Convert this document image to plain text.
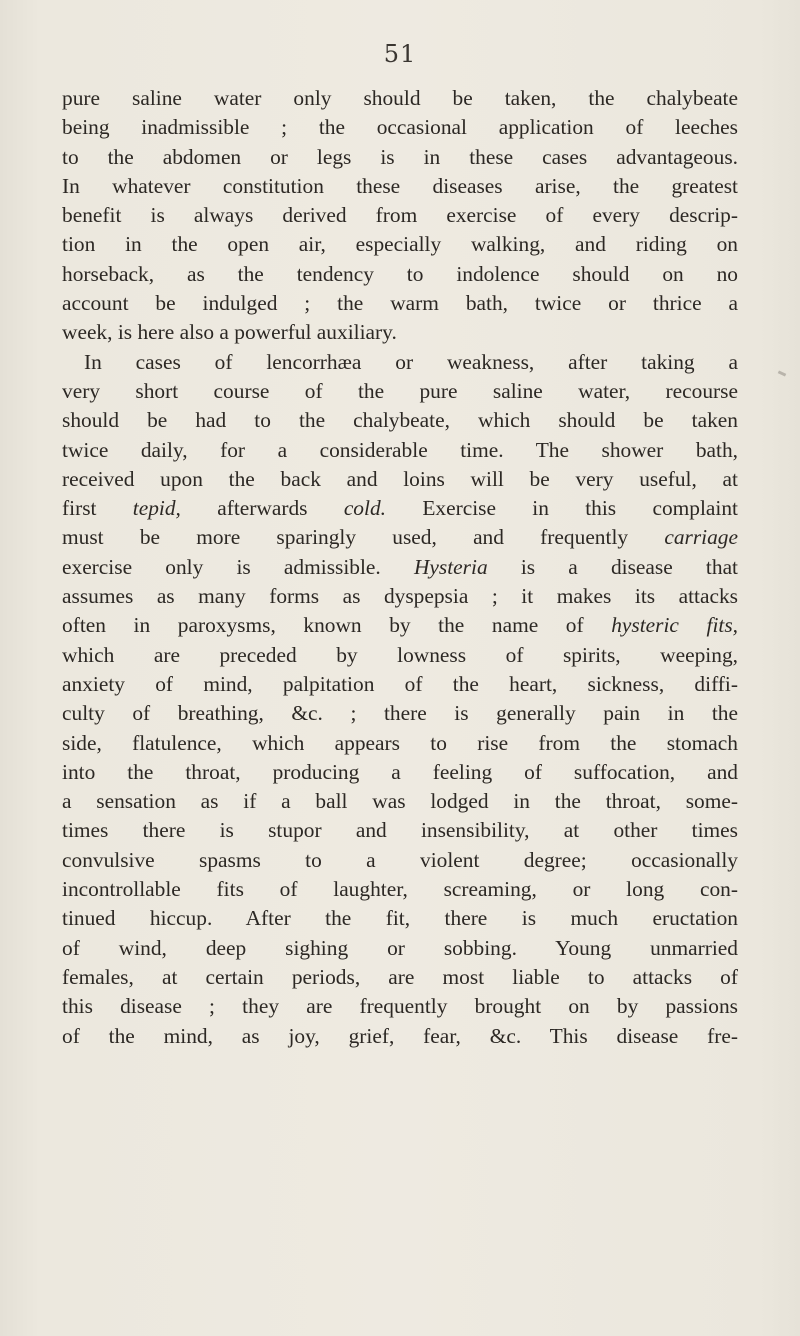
51
pure saline water only should be taken, the chalybeate
being inadmissible ; the occasional application of leeches
to the abdomen or legs is in these cases advantageous.
In whatever constitution these diseases arise, the greatest
benefit is always derived from exercise of every descrip-
tion in the open air, especially walking, and riding on
horseback, as the tendency to indolence should on no
account be indulged ; the warm bath, twice or thrice a
week, is here also a powerful auxiliary.
In cases of lencorrhæa or weakness, after taking a
very short course of the pure saline water, recourse
should be had to the chalybeate, which should be taken
twice daily, for a considerable time. The shower bath,
received upon the back and loins will be very useful, at
first tepid, afterwards cold. Exercise in this complaint
must be more sparingly used, and frequently carriage
exercise only is admissible. Hysteria is a disease that
assumes as many forms as dyspepsia ; it makes its attacks
often in paroxysms, known by the name of hysteric fits,
which are preceded by lowness of spirits, weeping,
anxiety of mind, palpitation of the heart, sickness, diffi-
culty of breathing, &c. ; there is generally pain in the
side, flatulence, which appears to rise from the stomach
into the throat, producing a feeling of suffocation, and
a sensation as if a ball was lodged in the throat, some-
times there is stupor and insensibility, at other times
convulsive spasms to a violent degree; occasionally
incontrollable fits of laughter, screaming, or long con-
tinued hiccup. After the fit, there is much eructation
of wind, deep sighing or sobbing. Young unmarried
females, at certain periods, are most liable to attacks of
this disease ; they are frequently brought on by passions
of the mind, as joy, grief, fear, &c. This disease fre-
